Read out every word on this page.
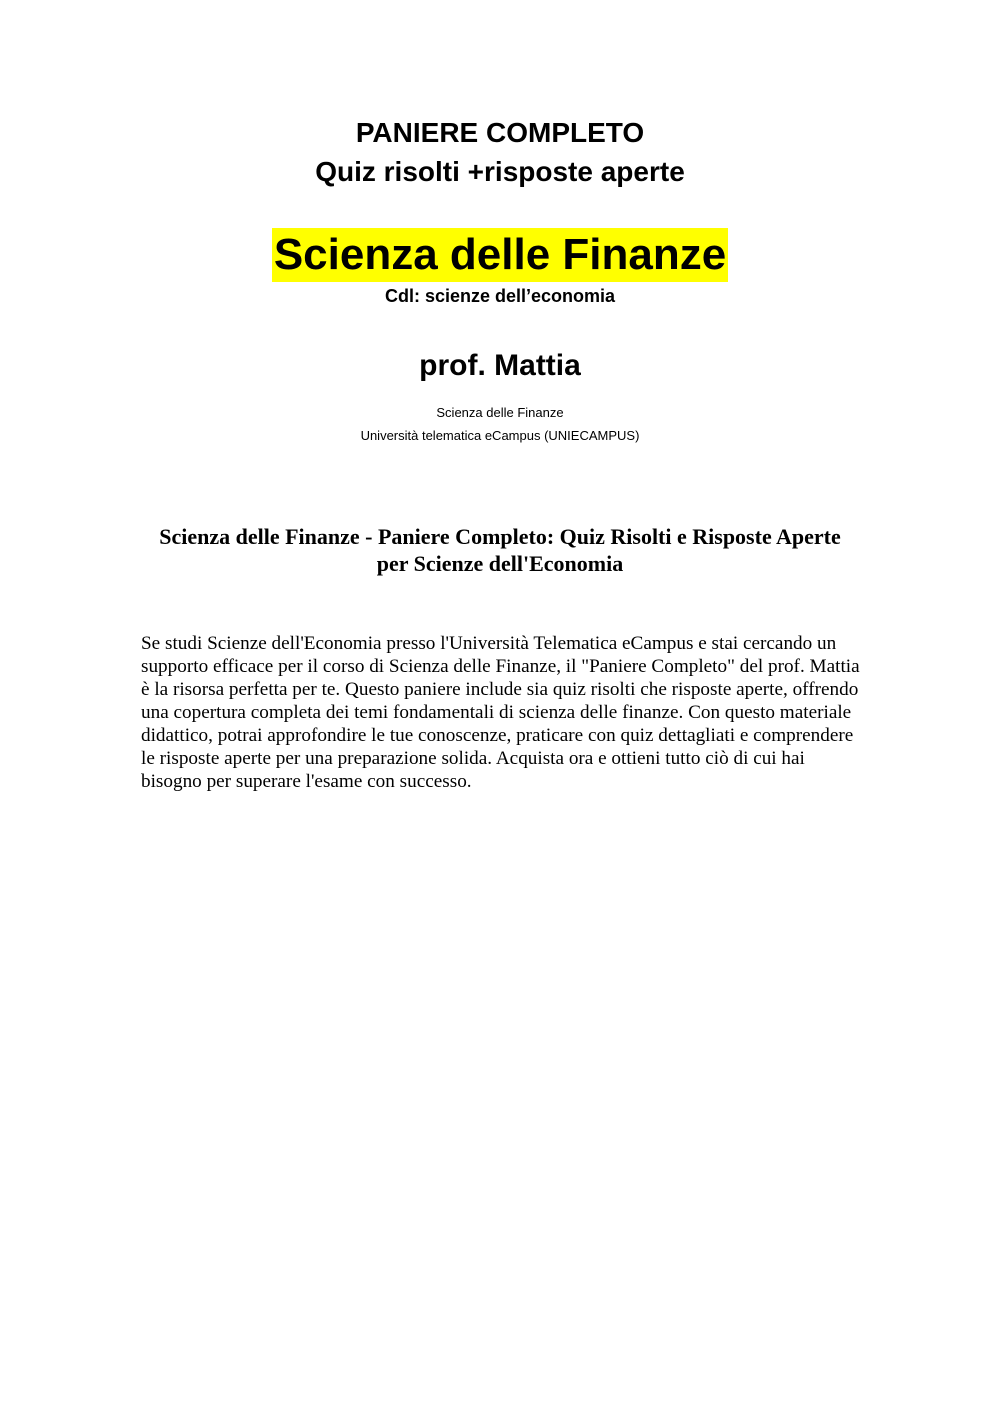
PANIERE COMPLETO
Quiz risolti +risposte aperte
Scienza delle Finanze
Cdl: scienze dell’economia
prof. Mattia
Scienza delle Finanze
Università telematica eCampus (UNIECAMPUS)
Scienza delle Finanze - Paniere Completo: Quiz Risolti e Risposte Aperte per Scienze dell'Economia

Se studi Scienze dell'Economia presso l'Università Telematica eCampus e stai cercando un supporto efficace per il corso di Scienza delle Finanze, il "Paniere Completo" del prof. Mattia è la risorsa perfetta per te. Questo paniere include sia quiz risolti che risposte aperte, offrendo una copertura completa dei temi fondamentali di scienza delle finanze. Con questo materiale didattico, potrai approfondire le tue conoscenze, praticare con quiz dettagliati e comprendere le risposte aperte per una preparazione solida. Acquista ora e ottieni tutto ciò di cui hai bisogno per superare l'esame con successo.
